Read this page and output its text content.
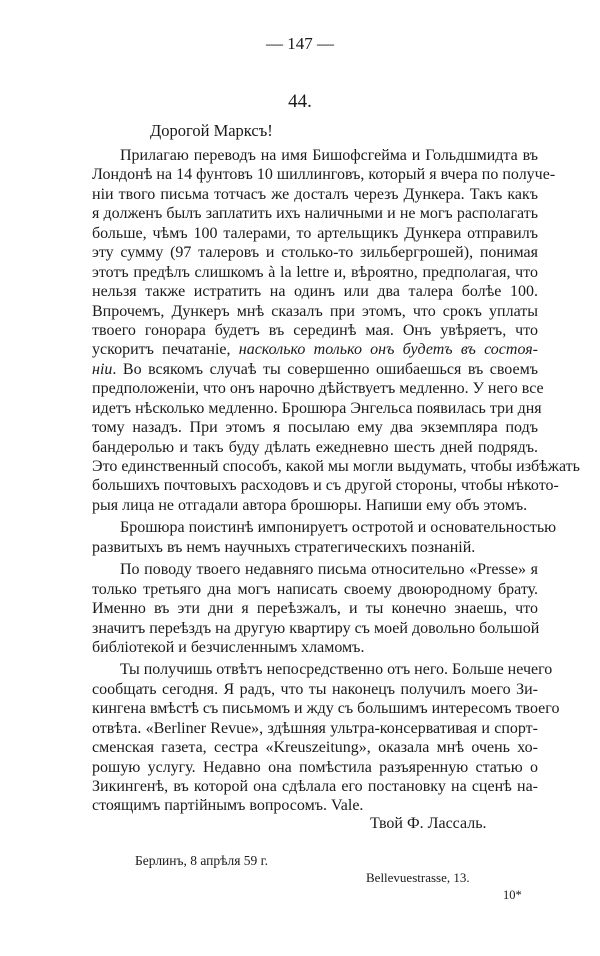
— 147 —
44.
Дорогой Марксъ!
Прилагаю переводъ на имя Бишофсгейма и Гольдшмидта въ
Лондонѣ на 14 фунтовъ 10 шиллинговъ, который я вчера по получе-
нiи твого письма тотчасъ же досталъ черезъ Дункера. Такъ какъ
я долженъ былъ заплатить ихъ наличными и не могъ располагать
больше, чѣмъ 100 талерами, то артельщикъ Дункера отправилъ
эту сумму (97 талеровъ и столько-то зильбергрошей), понимая
этотъ предѣлъ слишкомъ à la lettre и, вѣроятно, предполагая, что
нельзя также истратить на одинъ или два талера болѣе 100.
Впрочемъ, Дункеръ мнѣ сказалъ при этомъ, что срокъ уплаты
твоего гонорара будетъ въ серединѣ мая. Онъ увѣряетъ, что
ускоритъ печатаніе, насколько только онъ будетъ въ состоя-
нiи. Во всякомъ случаѣ ты совершенно ошибаешься въ своемъ
предположенiи, что онъ нарочно дѣйствуетъ медленно. У него все
идетъ нѣсколько медленно. Брошюра Энгельса появилась три дня
тому назадъ. При этомъ я посылаю ему два экземпляра подъ
бандеролью и такъ буду дѣлать ежедневно шесть дней подрядъ.
Это единственный способъ, какой мы могли выдумать, чтобы избѣжать
большихъ почтовыхъ расходовъ и съ другой стороны, чтобы нѣкото-
рыя лица не отгадали автора брошюры. Напиши ему объ этомъ.
Брошюра поистинѣ импонируетъ остротой и основательностью
развитыхъ въ немъ научныхъ стратегическихъ познаній.
По поводу твоего недавняго письма относительно «Presse» я
только третьяго дна могъ написать своему двоюродному брату.
Именно въ эти дни я переѣзжалъ, и ты конечно знаешь, что
значитъ переѣздъ на другую квартиру съ моей довольно большой
библіотекой и безчисленнымъ хламомъ.
Ты получишь отвѣтъ непосредственно отъ него. Больше нечего
сообщать сегодня. Я радъ, что ты наконецъ получилъ моего Зи-
кингена вмѣстѣ съ письмомъ и жду съ большимъ интересомъ твоего
отвѣта. «Berliner Revue», здѣшняя ультра-консервативая и спорт-
сменская газета, сестра «Kreuszeitung», оказала мнѣ очень хо-
рошую услугу. Недавно она помѣстила разъяренную статью о
Зикингенѣ, въ которой она сдѣлала его постановку на сценѣ на-
стоящимъ партійнымъ вопросомъ. Vale.
Твой Ф. Лассаль.
Берлинъ, 8 апрѣля 59 г.
Bellevuestrasse, 13.
10*
